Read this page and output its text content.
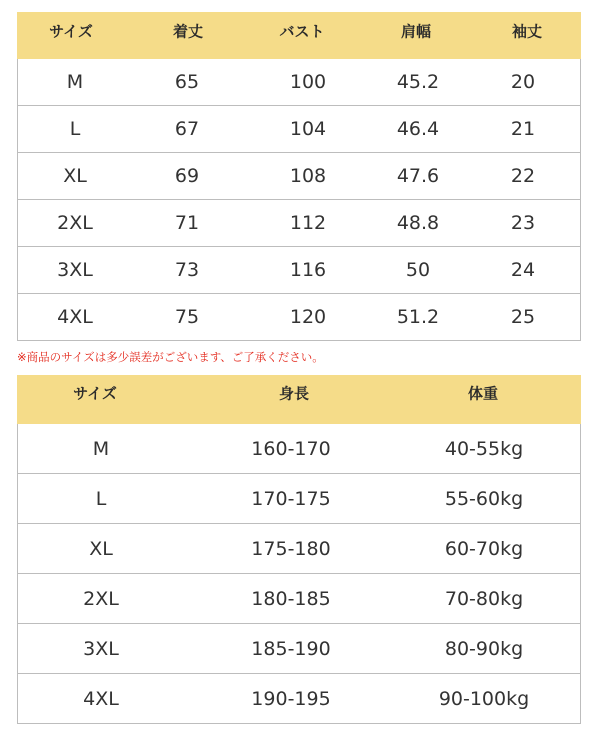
サイズ	着丈	バスト	肩幅	袖丈
M	65	100	45.2	20
L	67	104	46.4	21
XL	69	108	47.6	22
2XL	71	112	48.8	23
3XL	73	116	50	24
4XL	75	120	51.2	25
※商品のサイズは多少誤差がございます、ご了承ください。
サイズ	身長	体重
M	160-170	40-55kg
L	170-175	55-60kg
XL	175-180	60-70kg
2XL	180-185	70-80kg
3XL	185-190	80-90kg
4XL	190-195	90-100kg
